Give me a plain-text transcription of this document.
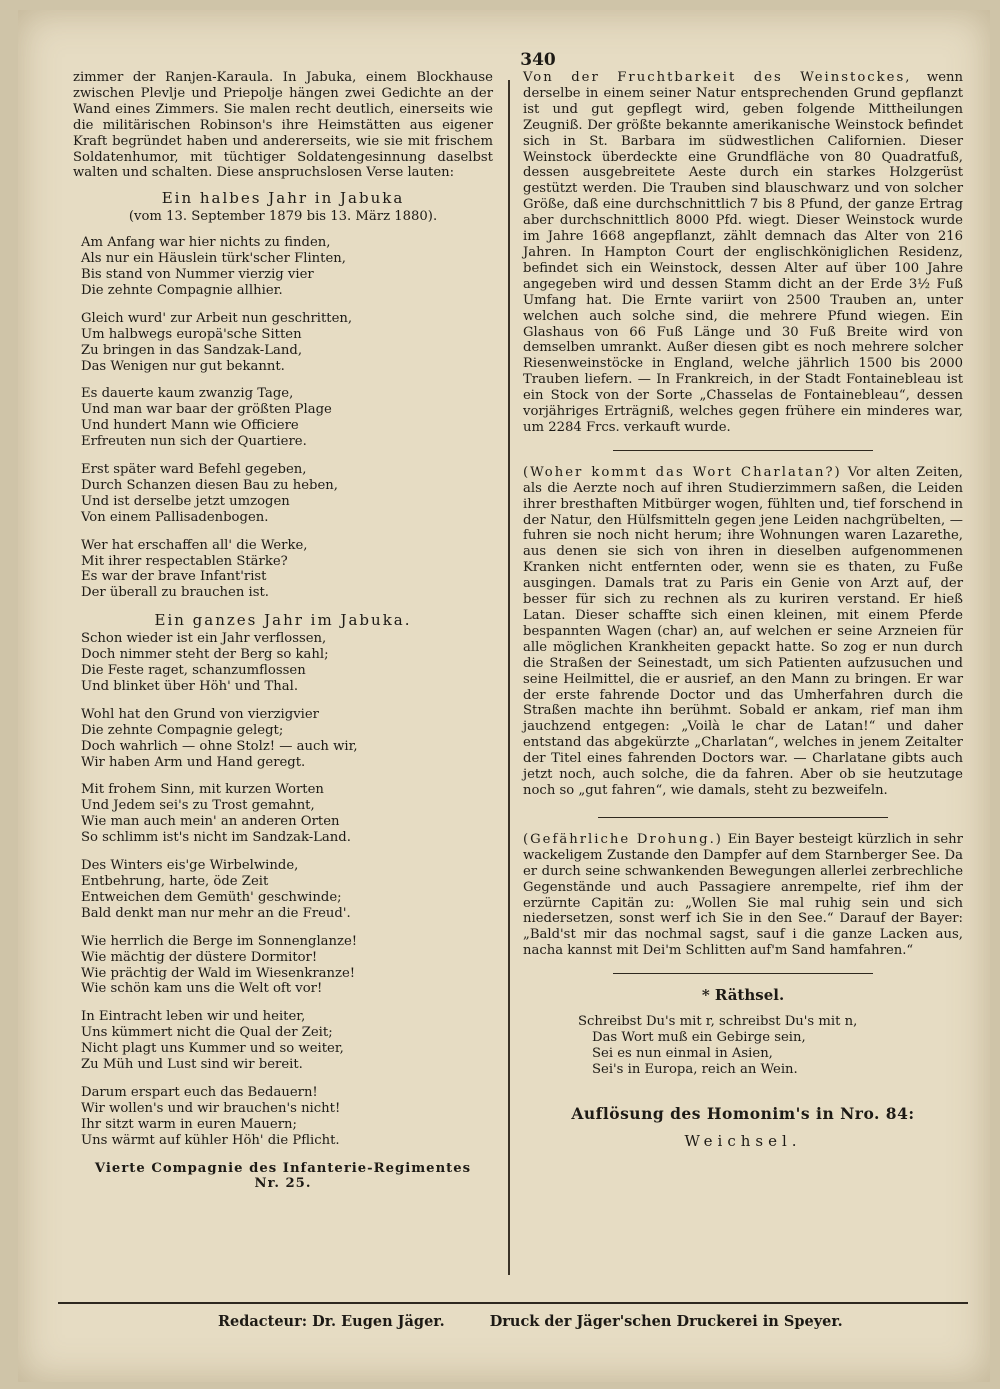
340

zimmer der Ranjen-Karaula. In Jabuka, einem Blockhause zwischen Plevlje und Priepolje hängen zwei Gedichte an der Wand eines Zimmers. Sie malen recht deutlich, einerseits wie die militärischen Robinson's ihre Heimstätten aus eigener Kraft begründet haben und andererseits, wie sie mit frischem Soldatenhumor, mit tüchtiger Soldatengesinnung daselbst walten und schalten. Diese anspruchslosen Verse lauten:

Ein halbes Jahr in Jabuka
(vom 13. September 1879 bis 13. März 1880).
Am Anfang war hier nichts zu finden,
Als nur ein Häuslein türk'scher Flinten,
Bis stand von Nummer vierzig vier
Die zehnte Compagnie allhier.
Gleich wurd' zur Arbeit nun geschritten,
Um halbwegs europä'sche Sitten
Zu bringen in das Sandzak-Land,
Das Wenigen nur gut bekannt.
Es dauerte kaum zwanzig Tage,
Und man war baar der größten Plage
Und hundert Mann wie Officiere
Erfreuten nun sich der Quartiere.
Erst später ward Befehl gegeben,
Durch Schanzen diesen Bau zu heben,
Und ist derselbe jetzt umzogen
Von einem Pallisadenbogen.
Wer hat erschaffen all' die Werke,
Mit ihrer respectablen Stärke?
Es war der brave Infant'rist
Der überall zu brauchen ist.
Ein ganzes Jahr im Jabuka.
Schon wieder ist ein Jahr verflossen,
Doch nimmer steht der Berg so kahl;
Die Feste raget, schanzumflossen
Und blinket über Höh' und Thal.
Wohl hat den Grund von vierzigvier
Die zehnte Compagnie gelegt;
Doch wahrlich — ohne Stolz! — auch wir,
Wir haben Arm und Hand geregt.
Mit frohem Sinn, mit kurzen Worten
Und Jedem sei's zu Trost gemahnt,
Wie man auch mein' an anderen Orten
So schlimm ist's nicht im Sandzak-Land.
Des Winters eis'ge Wirbelwinde,
Entbehrung, harte, öde Zeit
Entweichen dem Gemüth' geschwinde;
Bald denkt man nur mehr an die Freud'.
Wie herrlich die Berge im Sonnenglanze!
Wie mächtig der düstere Dormitor!
Wie prächtig der Wald im Wiesenkranze!
Wie schön kam uns die Welt oft vor!
In Eintracht leben wir und heiter,
Uns kümmert nicht die Qual der Zeit;
Nicht plagt uns Kummer und so weiter,
Zu Müh und Lust sind wir bereit.
Darum erspart euch das Bedauern!
Wir wollen's und wir brauchen's nicht!
Ihr sitzt warm in euren Mauern;
Uns wärmt auf kühler Höh' die Pflicht.
Vierte Compagnie des Infanterie-Regimentes
Nr. 25.

Von der Fruchtbarkeit des Weinstockes, wenn derselbe in einem seiner Natur entsprechenden Grund gepflanzt ist und gut gepflegt wird, geben folgende Mittheilungen Zeugniß. Der größte bekannte amerikanische Weinstock befindet sich in St. Barbara im südwestlichen Californien. Dieser Weinstock überdeckte eine Grundfläche von 80 Quadratfuß, dessen ausgebreitete Aeste durch ein starkes Holzgerüst gestützt werden. Die Trauben sind blauschwarz und von solcher Größe, daß eine durchschnittlich 7 bis 8 Pfund, der ganze Ertrag aber durchschnittlich 8000 Pfd. wiegt. Dieser Weinstock wurde im Jahre 1668 angepflanzt, zählt demnach das Alter von 216 Jahren. In Hampton Court der englischköniglichen Residenz, befindet sich ein Weinstock, dessen Alter auf über 100 Jahre angegeben wird und dessen Stamm dicht an der Erde 3½ Fuß Umfang hat. Die Ernte variirt von 2500 Trauben an, unter welchen auch solche sind, die mehrere Pfund wiegen. Ein Glashaus von 66 Fuß Länge und 30 Fuß Breite wird von demselben umrankt. Außer diesen gibt es noch mehrere solcher Riesenweinstöcke in England, welche jährlich 1500 bis 2000 Trauben liefern. — In Frankreich, in der Stadt Fontainebleau ist ein Stock von der Sorte „Chasselas de Fontainebleau“, dessen vorjähriges Erträgniß, welches gegen frühere ein minderes war, um 2284 Frcs. verkauft wurde.

(Woher kommt das Wort Charlatan?) Vor alten Zeiten, als die Aerzte noch auf ihren Studierzimmern saßen, die Leiden ihrer bresthaften Mitbürger wogen, fühlten und, tief forschend in der Natur, den Hülfsmitteln gegen jene Leiden nachgrübelten, — fuhren sie noch nicht herum; ihre Wohnungen waren Lazarethe, aus denen sie sich von ihren in dieselben aufgenommenen Kranken nicht entfernten oder, wenn sie es thaten, zu Fuße ausgingen. Damals trat zu Paris ein Genie von Arzt auf, der besser für sich zu rechnen als zu kuriren verstand. Er hieß Latan. Dieser schaffte sich einen kleinen, mit einem Pferde bespannten Wagen (char) an, auf welchen er seine Arzneien für alle möglichen Krankheiten gepackt hatte. So zog er nun durch die Straßen der Seinestadt, um sich Patienten aufzusuchen und seine Heilmittel, die er ausrief, an den Mann zu bringen. Er war der erste fahrende Doctor und das Umherfahren durch die Straßen machte ihn berühmt. Sobald er ankam, rief man ihm jauchzend entgegen: „Voilà le char de Latan!“ und daher entstand das abgekürzte „Charlatan“, welches in jenem Zeitalter der Titel eines fahrenden Doctors war. — Charlatane gibts auch jetzt noch, auch solche, die da fahren. Aber ob sie heutzutage noch so „gut fahren“, wie damals, steht zu bezweifeln.

(Gefährliche Drohung.) Ein Bayer besteigt kürzlich in sehr wackeligem Zustande den Dampfer auf dem Starnberger See. Da er durch seine schwankenden Bewegungen allerlei zerbrechliche Gegenstände und auch Passagiere anrempelte, rief ihm der erzürnte Capitän zu: „Wollen Sie mal ruhig sein und sich niedersetzen, sonst werf ich Sie in den See.“ Darauf der Bayer: „Bald'st mir das nochmal sagst, sauf i die ganze Lacken aus, nacha kannst mit Dei'm Schlitten auf'm Sand hamfahren.“

* Räthsel.
Schreibst Du's mit r, schreibst Du's mit n,
Das Wort muß ein Gebirge sein,
Sei es nun einmal in Asien,
Sei's in Europa, reich an Wein.
Auflösung des Homonim's in Nro. 84:
Weichsel.
Redacteur: Dr. Eugen Jäger.	Druck der Jäger'schen Druckerei in Speyer.
